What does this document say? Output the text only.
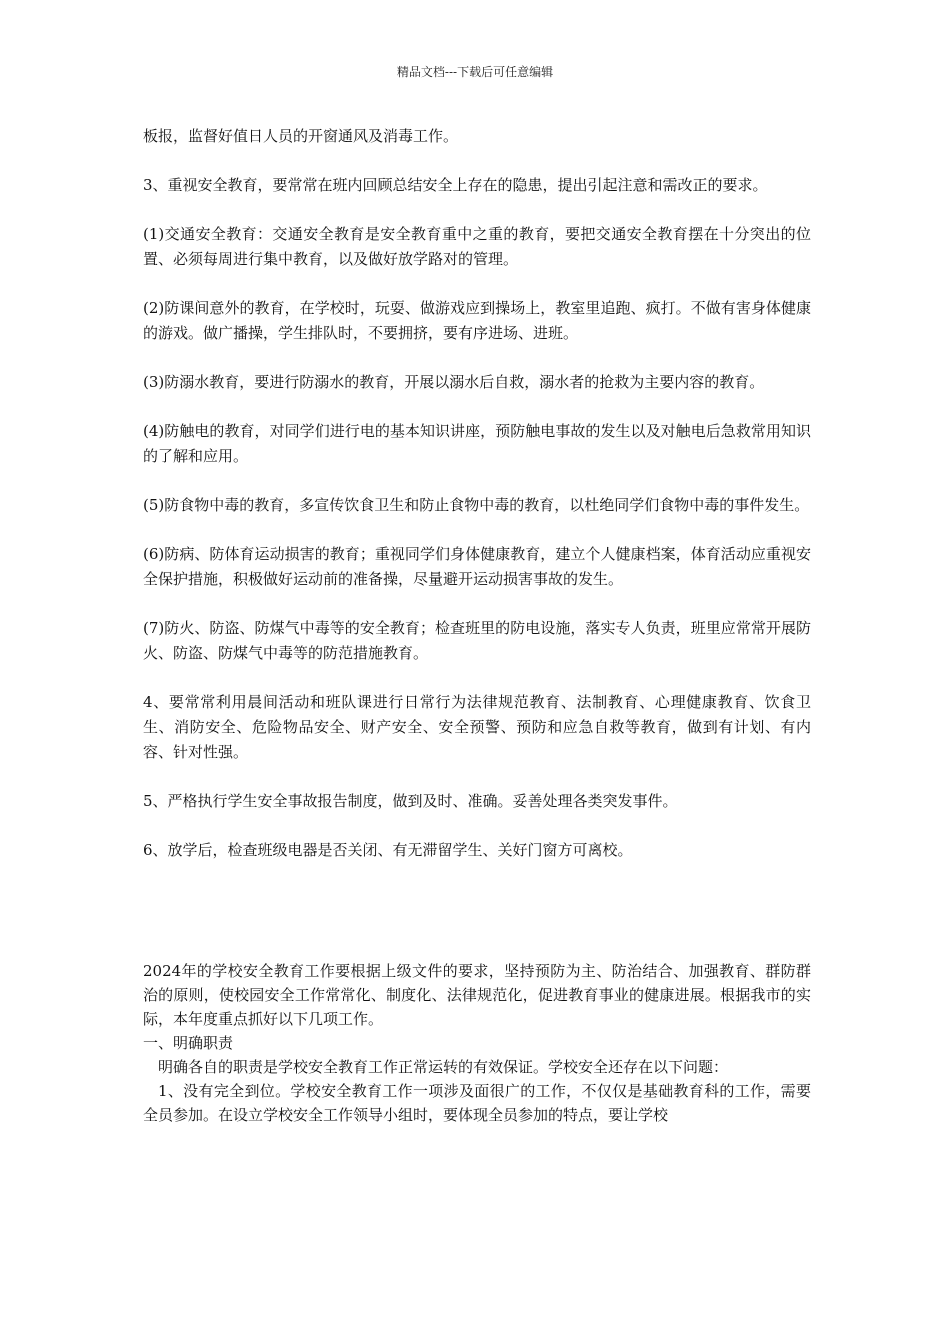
精品文档---下载后可任意编辑

板报，监督好值日人员的开窗通风及消毒工作。

3、重视安全教育，要常常在班内回顾总结安全上存在的隐患，提出引起注意和需改正的要求。

(1)交通安全教育：交通安全教育是安全教育重中之重的教育，要把交通安全教育摆在十分突出的位置、必须每周进行集中教育，以及做好放学路对的管理。

(2)防课间意外的教育，在学校时，玩耍、做游戏应到操场上，教室里追跑、疯打。不做有害身体健康的游戏。做广播操，学生排队时，不要拥挤，要有序进场、进班。

(3)防溺水教育，要进行防溺水的教育，开展以溺水后自救，溺水者的抢救为主要内容的教育。

(4)防触电的教育，对同学们进行电的基本知识讲座，预防触电事故的发生以及对触电后急救常用知识的了解和应用。

(5)防食物中毒的教育，多宣传饮食卫生和防止食物中毒的教育，以杜绝同学们食物中毒的事件发生。

(6)防病、防体育运动损害的教育；重视同学们身体健康教育，建立个人健康档案，体育活动应重视安全保护措施，积极做好运动前的准备操，尽量避开运动损害事故的发生。

(7)防火、防盗、防煤气中毒等的安全教育；检查班里的防电设施，落实专人负责，班里应常常开展防火、防盗、防煤气中毒等的防范措施教育。

4、要常常利用晨间活动和班队课进行日常行为法律规范教育、法制教育、心理健康教育、饮食卫生、消防安全、危险物品安全、财产安全、安全预警、预防和应急自救等教育，做到有计划、有内容、针对性强。

5、严格执行学生安全事故报告制度，做到及时、准确。妥善处理各类突发事件。

6、放学后，检查班级电器是否关闭、有无滞留学生、关好门窗方可离校。

2024年的学校安全教育工作要根据上级文件的要求，坚持预防为主、防治结合、加强教育、群防群治的原则，使校园安全工作常常化、制度化、法律规范化，促进教育事业的健康进展。根据我市的实际，本年度重点抓好以下几项工作。

一、明确职责

明确各自的职责是学校安全教育工作正常运转的有效保证。学校安全还存在以下问题：

1、没有完全到位。学校安全教育工作一项涉及面很广的工作，不仅仅是基础教育科的工作，需要全员参加。在设立学校安全工作领导小组时，要体现全员参加的特点，要让学校
